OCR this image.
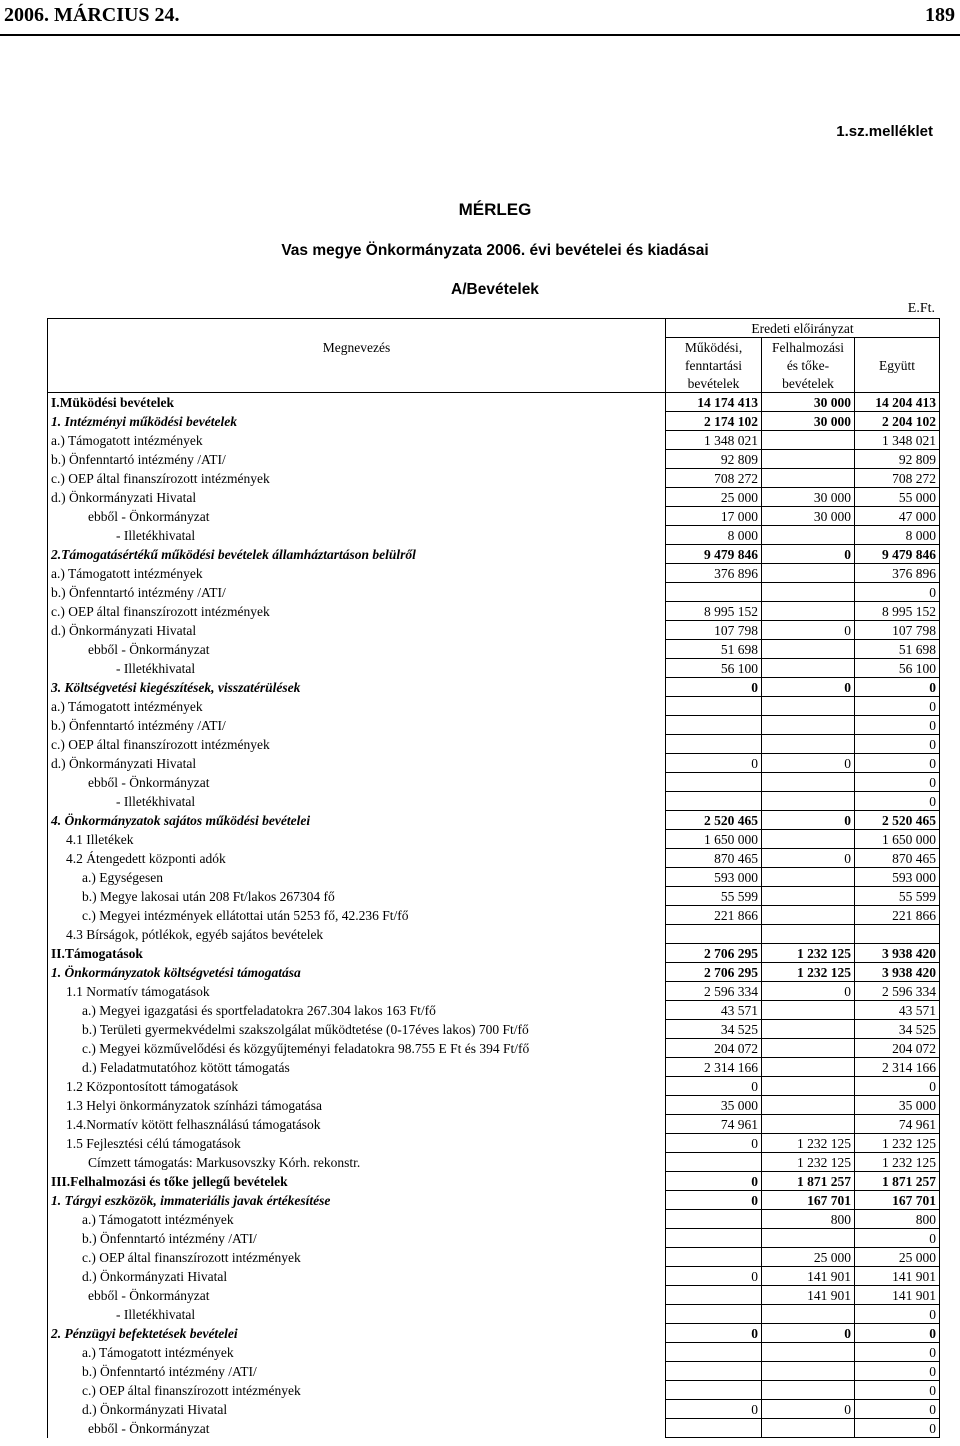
2006. MÁRCIUS 24.	189
1.sz.melléklet
MÉRLEG
Vas megye Önkormányzata 2006. évi bevételei és kiadásai
A/Bevételek
E.Ft.
Megnevezés	Eredeti előirányzat		
	Működési,	Felhalmozási	Együtt
	fenntartási	és tőke-	
	bevételek	bevételek	
I.Müködési bevételek	14 174 413	30 000	14 204 413
1. Intézményi működési bevételek	2 174 102	30 000	2 204 102
a.) Támogatott intézmények	1 348 021		1 348 021
b.) Önfenntartó intézmény /ATI/	92 809		92 809
c.) OEP által finanszírozott intézmények	708 272		708 272
d.) Önkormányzati Hivatal	25 000	30 000	55 000
ebből - Önkormányzat	17 000	30 000	47 000
- Illetékhivatal	8 000		8 000
2.Támogatásértékű működési bevételek államháztartáson belülről	9 479 846	0	9 479 846
a.) Támogatott intézmények	376 896		376 896
b.) Önfenntartó intézmény /ATI/			0
c.) OEP által finanszírozott intézmények	8 995 152		8 995 152
d.) Önkormányzati Hivatal	107 798	0	107 798
ebből - Önkormányzat	51 698		51 698
- Illetékhivatal	56 100		56 100
3. Költségvetési kiegészítések, visszatérülések	0	0	0
a.) Támogatott intézmények			0
b.) Önfenntartó intézmény /ATI/			0
c.) OEP által finanszírozott intézmények			0
d.) Önkormányzati Hivatal	0	0	0
ebből - Önkormányzat			0
- Illetékhivatal			0
4. Önkormányzatok sajátos működési bevételei	2 520 465	0	2 520 465
4.1 Illetékek	1 650 000		1 650 000
4.2 Átengedett központi adók	870 465	0	870 465
a.) Egységesen	593 000		593 000
b.) Megye lakosai után 208 Ft/lakos 267304 fő	55 599		55 599
c.) Megyei intézmények ellátottai után 5253 fő, 42.236 Ft/fő	221 866		221 866
4.3 Bírságok, pótlékok, egyéb sajátos bevételek			
II.Támogatások	2 706 295	1 232 125	3 938 420
1. Önkormányzatok költségvetési támogatása	2 706 295	1 232 125	3 938 420
1.1 Normatív támogatások	2 596 334	0	2 596 334
a.) Megyei igazgatási és sportfeladatokra 267.304 lakos 163 Ft/fő	43 571		43 571
b.) Területi gyermekvédelmi szakszolgálat működtetése (0-17éves lakos) 700 Ft/fő	34 525		34 525
c.) Megyei közművelődési és közgyűjteményi feladatokra 98.755 E Ft és 394 Ft/fő	204 072		204 072
d.) Feladatmutatóhoz kötött támogatás	2 314 166		2 314 166
1.2 Központosított támogatások	0		0
1.3 Helyi önkormányzatok színházi támogatása	35 000		35 000
1.4.Normatív kötött felhasználású támogatások	74 961		74 961
1.5 Fejlesztési célú támogatások	0	1 232 125	1 232 125
Címzett támogatás: Markusovszky Kórh. rekonstr.		1 232 125	1 232 125
III.Felhalmozási és tőke jellegű bevételek	0	1 871 257	1 871 257
1. Tárgyi eszközök, immateriális javak értékesítése	0	167 701	167 701
a.) Támogatott intézmények		800	800
b.) Önfenntartó intézmény /ATI/			0
c.) OEP által finanszírozott intézmények		25 000	25 000
d.) Önkormányzati Hivatal	0	141 901	141 901
ebből - Önkormányzat		141 901	141 901
- Illetékhivatal			0
2. Pénzügyi befektetések bevételei	0	0	0
a.) Támogatott intézmények			0
b.) Önfenntartó intézmény /ATI/			0
c.) OEP által finanszírozott intézmények			0
d.) Önkormányzati Hivatal	0	0	0
ebből - Önkormányzat			0
